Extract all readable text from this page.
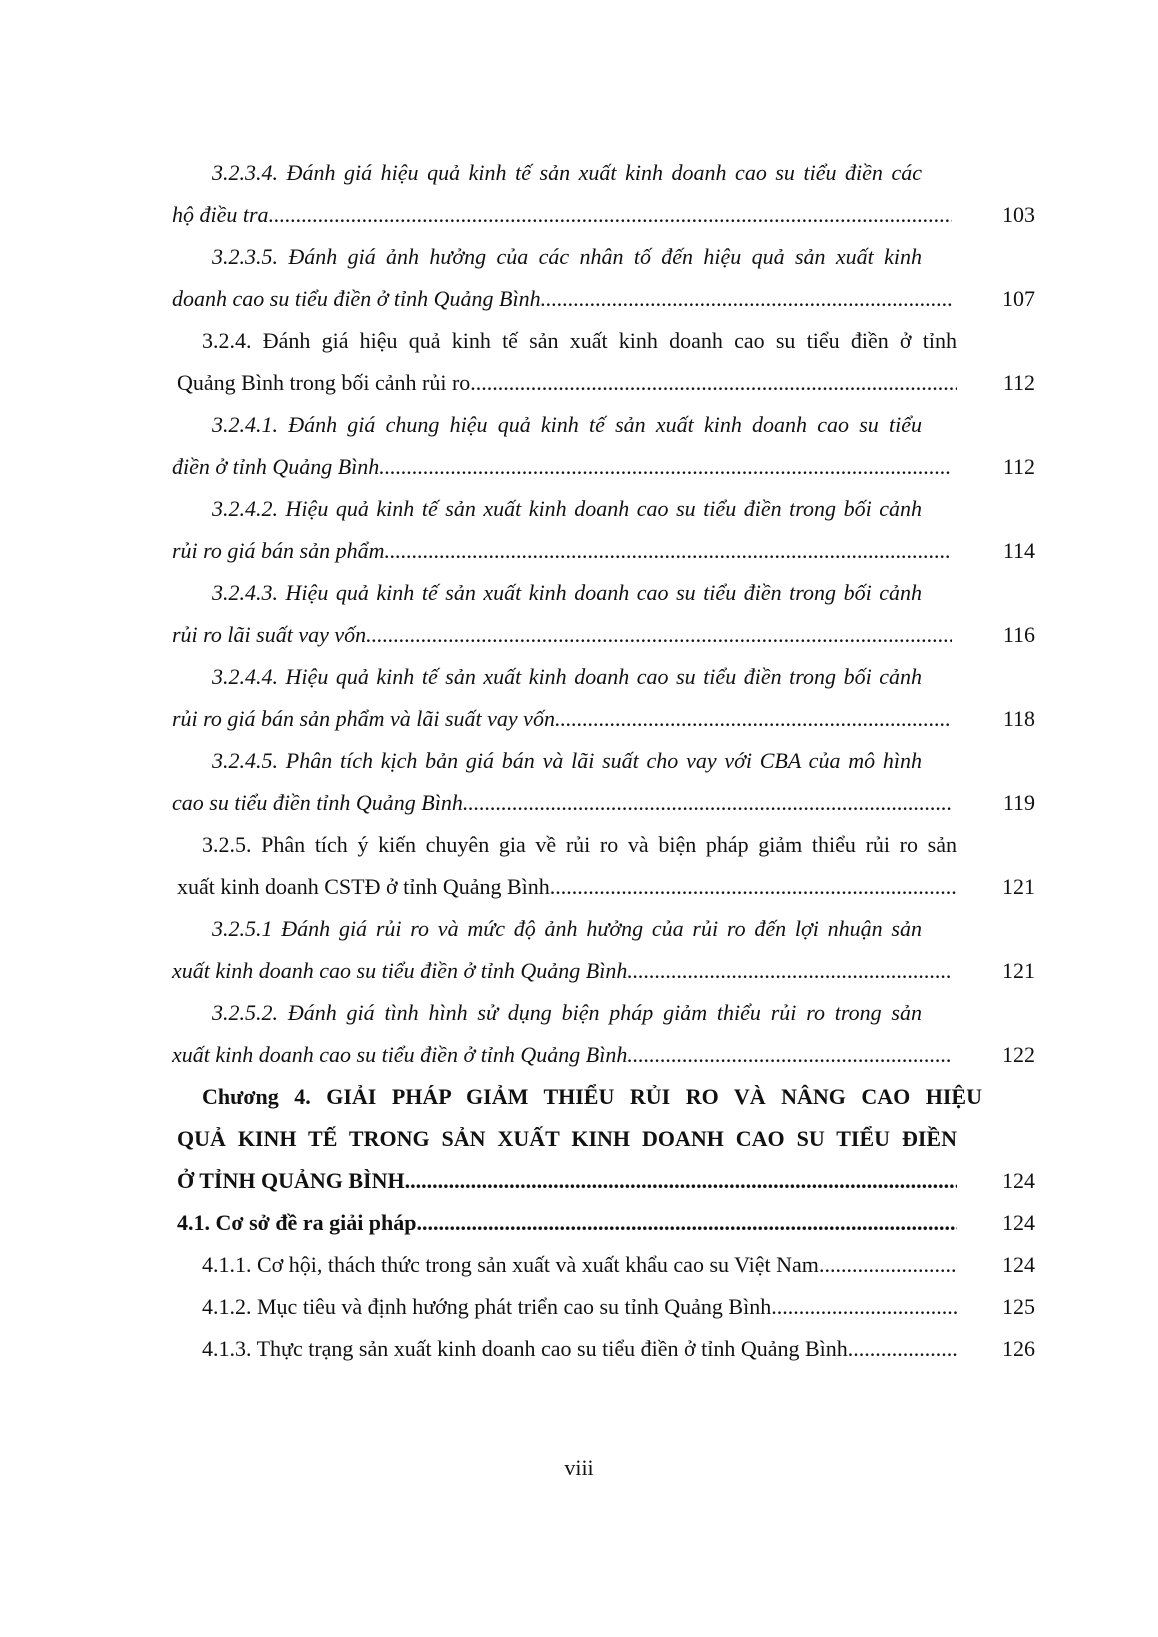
3.2.3.4. Đánh giá hiệu quả kinh tế sản xuất kinh doanh cao su tiểu điền các
hộ điều tra .....	103
3.2.3.5. Đánh giá ảnh hưởng của các nhân tố đến hiệu quả sản xuất kinh
doanh cao su tiểu điền ở tỉnh Quảng Bình .....	107
3.2.4. Đánh giá hiệu quả kinh tế sản xuất kinh doanh cao su tiểu điền ở tỉnh
Quảng Bình trong bối cảnh rủi ro .....	112
3.2.4.1. Đánh giá chung hiệu quả kinh tế sản xuất kinh doanh cao su tiểu
điền ở tỉnh Quảng Bình .....	112
3.2.4.2. Hiệu quả kinh tế sản xuất kinh doanh cao su tiểu điền trong bối cảnh
rủi ro giá bán sản phẩm .....	114
3.2.4.3. Hiệu quả kinh tế sản xuất kinh doanh cao su tiểu điền trong bối cảnh
rủi ro lãi suất vay vốn .....	116
3.2.4.4. Hiệu quả kinh tế sản xuất kinh doanh cao su tiểu điền trong bối cảnh
rủi ro giá bán sản phẩm và lãi suất vay vốn .....	118
3.2.4.5. Phân tích kịch bản giá bán và lãi suất cho vay với CBA của mô hình
cao su tiểu điền tỉnh Quảng Bình .....	119
3.2.5. Phân tích ý kiến chuyên gia về rủi ro và biện pháp giảm thiểu rủi ro sản
xuất kinh doanh CSTĐ ở tỉnh Quảng Bình .....	121
3.2.5.1 Đánh giá rủi ro và mức độ ảnh hưởng của rủi ro đến lợi nhuận sản
xuất kinh doanh cao su tiểu điền ở tỉnh Quảng Bình .....	121
3.2.5.2. Đánh giá tình hình sử dụng biện pháp giảm thiểu rủi ro trong sản
xuất kinh doanh cao su tiểu điền ở tỉnh Quảng Bình .....	122
Chương 4. GIẢI PHÁP GIẢM THIỂU RỦI RO VÀ NÂNG CAO HIỆU
QUẢ KINH TẾ TRONG SẢN XUẤT KINH DOANH CAO SU TIỂU ĐIỀN
Ở TỈNH QUẢNG BÌNH .....	124
4.1. Cơ sở đề ra giải pháp .....	124
4.1.1. Cơ hội, thách thức trong sản xuất và xuất khẩu cao su Việt Nam .....	124
4.1.2. Mục tiêu và định hướng phát triển cao su tỉnh Quảng Bình .....	125
4.1.3. Thực trạng sản xuất kinh doanh cao su tiểu điền ở tỉnh Quảng Bình .....	126
viii
